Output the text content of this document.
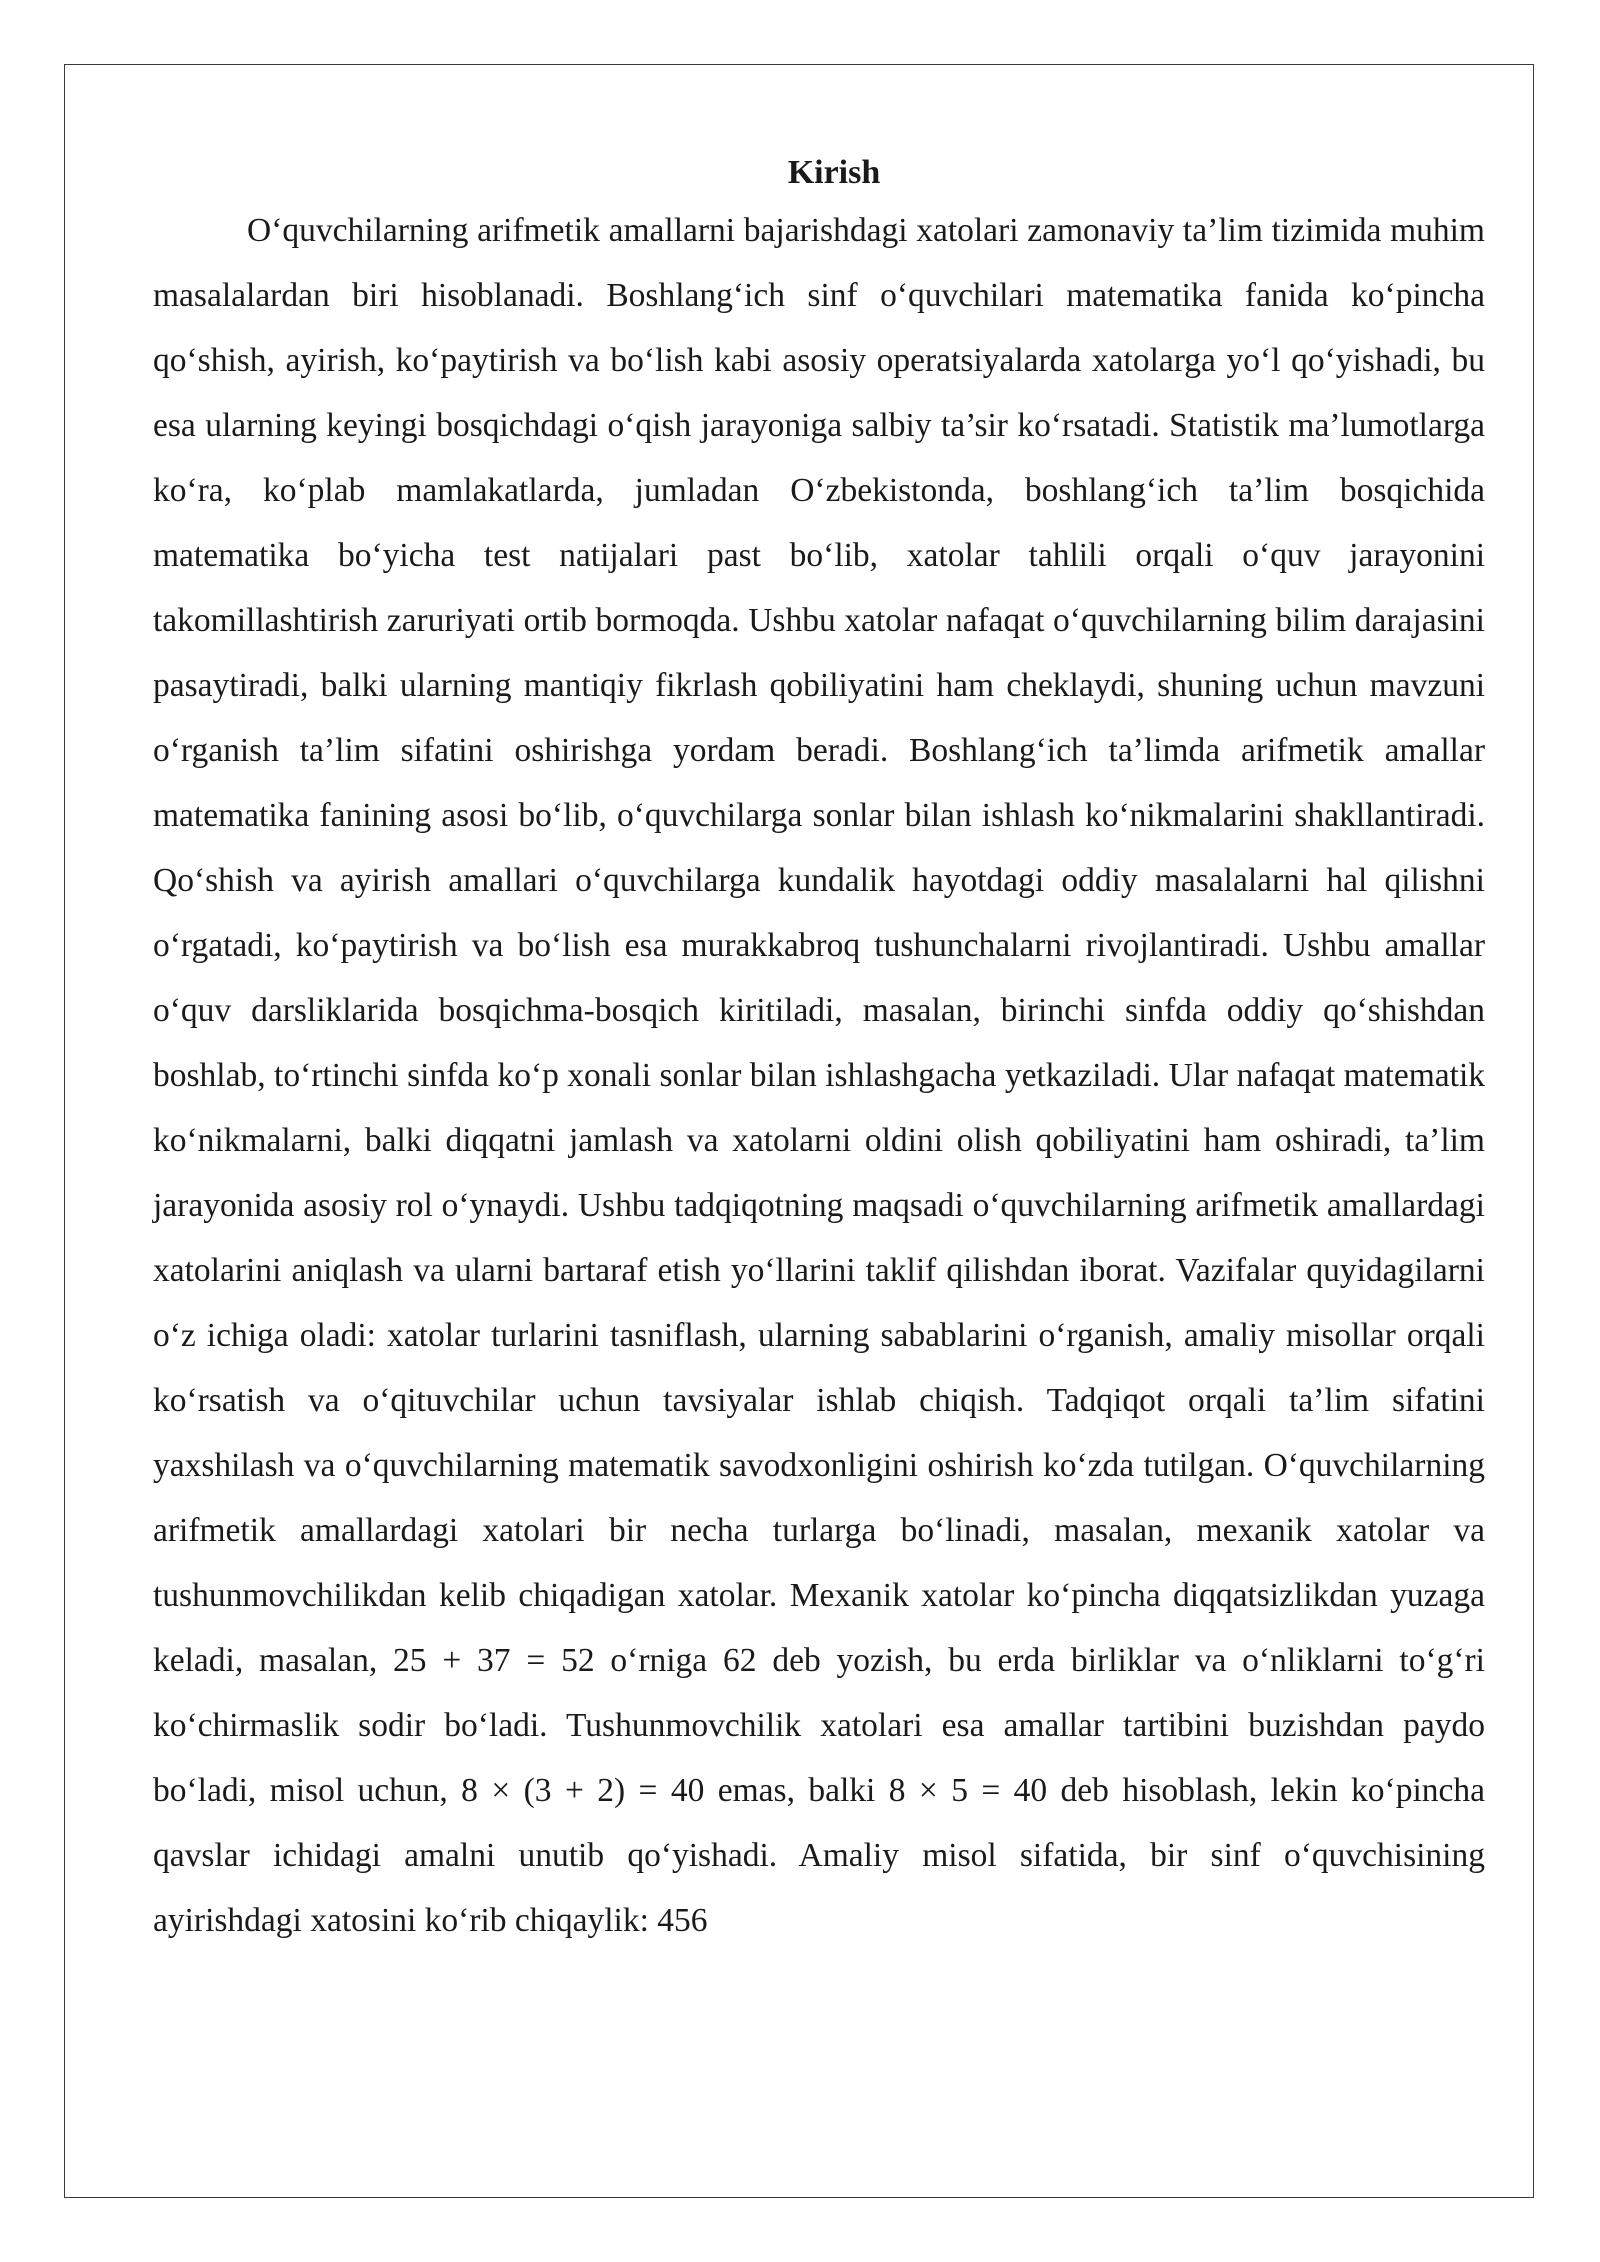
Kirish

O‘quvchilarning arifmetik amallarni bajarishdagi xatolari zamonaviy ta’lim tizimida muhim masalalardan biri hisoblanadi. Boshlang‘ich sinf o‘quvchilari matematika fanida ko‘pincha qo‘shish, ayirish, ko‘paytirish va bo‘lish kabi asosiy operatsiyalarda xatolarga yo‘l qo‘yishadi, bu esa ularning keyingi bosqichdagi o‘qish jarayoniga salbiy ta’sir ko‘rsatadi. Statistik ma’lumotlarga ko‘ra, ko‘plab mamlakatlarda, jumladan O‘zbekistonda, boshlang‘ich ta’lim bosqichida matematika bo‘yicha test natijalari past bo‘lib, xatolar tahlili orqali o‘quv jarayonini takomillashtirish zaruriyati ortib bormoqda. Ushbu xatolar nafaqat o‘quvchilarning bilim darajasini pasaytiradi, balki ularning mantiqiy fikrlash qobiliyatini ham cheklaydi, shuning uchun mavzuni o‘rganish ta’lim sifatini oshirishga yordam beradi. Boshlang‘ich ta’limda arifmetik amallar matematika fanining asosi bo‘lib, o‘quvchilarga sonlar bilan ishlash ko‘nikmalarini shakllantiradi. Qo‘shish va ayirish amallari o‘quvchilarga kundalik hayotdagi oddiy masalalarni hal qilishni o‘rgatadi, ko‘paytirish va bo‘lish esa murakkabroq tushunchalarni rivojlantiradi. Ushbu amallar o‘quv darsliklarida bosqichma-bosqich kiritiladi, masalan, birinchi sinfda oddiy qo‘shishdan boshlab, to‘rtinchi sinfda ko‘p xonali sonlar bilan ishlashgacha yetkaziladi. Ular nafaqat matematik ko‘nikmalarni, balki diqqatni jamlash va xatolarni oldini olish qobiliyatini ham oshiradi, ta’lim jarayonida asosiy rol o‘ynaydi. Ushbu tadqiqotning maqsadi o‘quvchilarning arifmetik amallardagi xatolarini aniqlash va ularni bartaraf etish yo‘llarini taklif qilishdan iborat. Vazifalar quyidagilarni o‘z ichiga oladi: xatolar turlarini tasniflash, ularning sabablarini o‘rganish, amaliy misollar orqali ko‘rsatish va o‘qituvchilar uchun tavsiyalar ishlab chiqish. Tadqiqot orqali ta’lim sifatini yaxshilash va o‘quvchilarning matematik savodxonligini oshirish ko‘zda tutilgan. O‘quvchilarning arifmetik amallardagi xatolari bir necha turlarga bo‘linadi, masalan, mexanik xatolar va tushunmovchilikdan kelib chiqadigan xatolar. Mexanik xatolar ko‘pincha diqqatsizlikdan yuzaga keladi, masalan, 25 + 37 = 52 o‘rniga 62 deb yozish, bu erda birliklar va o‘nliklarni to‘g‘ri ko‘chirmaslik sodir bo‘ladi. Tushunmovchilik xatolari esa amallar tartibini buzishdan paydo bo‘ladi, misol uchun, 8 × (3 + 2) = 40 emas, balki 8 × 5 = 40 deb hisoblash, lekin ko‘pincha qavslar ichidagi amalni unutib qo‘yishadi. Amaliy misol sifatida, bir sinf o‘quvchisining ayirishdagi xatosini ko‘rib chiqaylik: 456
